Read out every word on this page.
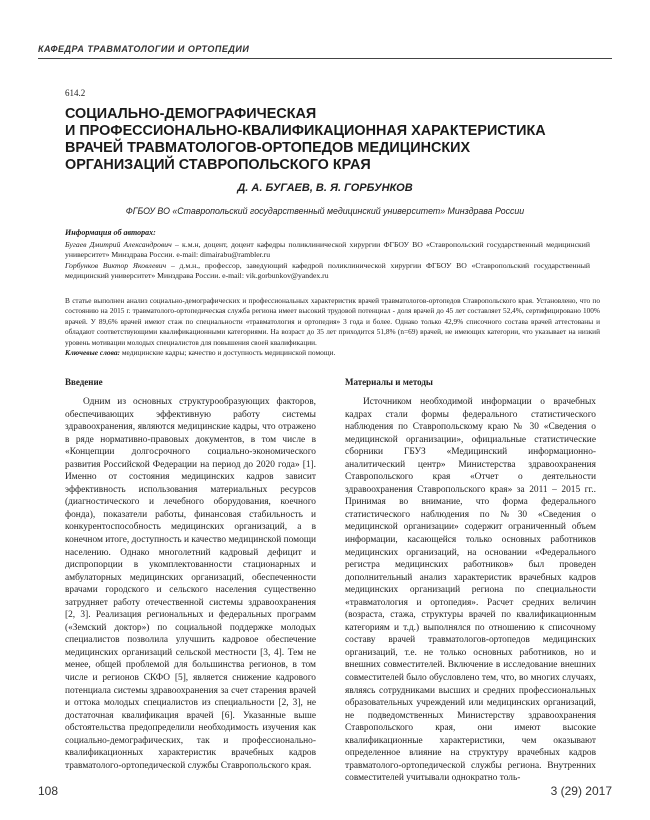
КАФЕДРА ТРАВМАТОЛОГИИ И ОРТОПЕДИИ
614.2
СОЦИАЛЬНО-ДЕМОГРАФИЧЕСКАЯ
И ПРОФЕССИОНАЛЬНО-КВАЛИФИКАЦИОННАЯ ХАРАКТЕРИСТИКА
ВРАЧЕЙ ТРАВМАТОЛОГОВ-ОРТОПЕДОВ МЕДИЦИНСКИХ
ОРГАНИЗАЦИЙ СТАВРОПОЛЬСКОГО КРАЯ
Д. А. БУГАЕВ, В. Я. ГОРБУНКОВ
ФГБОУ ВО «Ставропольский государственный медицинский университет» Минздрава России
Информация об авторах:

Бугаев Дмитрий Александрович – к.м.н, доцент, доцент кафедры поликлинической хирургии ФГБОУ ВО «Ставропольский государственный медицинский университет» Минздрава России. e-mail: dimairabu@rambler.ru

Горбунков Виктор Яковлевич – д.м.н., профессор, заведующий кафедрой поликлинической хирургии ФГБОУ ВО «Ставропольский государственный медицинский университет» Минздрава России. e-mail: vik.gorbunkov@yandex.ru

В статье выполнен анализ социально-демографических и профессиональных характеристик врачей травматологов-ортопедов Ставропольского края. Установлено, что по состоянию на 2015 г. травматолого-ортопедическая служба региона имеет высокий трудовой потенциал - доля врачей до 45 лет составляет 52,4%, сертифицировано 100% врачей. У 89,6% врачей имеют стаж по специальности «травматология и ортопедия» 3 года и более. Однако только 42,9% списочного состава врачей аттестованы и обладают соответствующими квалификационными категориями. На возраст до 35 лет приходится 51,8% (n=69) врачей, не имеющих категории, что указывает на низкий уровень мотивации молодых специалистов для повышения своей квалификации.

Ключевые слова: медицинские кадры; качество и доступность медицинской помощи.

Введение

Одним из основных структурообразующих факторов, обеспечивающих эффективную работу системы здравоохранения, являются медицинские кадры, что отражено в ряде нормативно-правовых документов, в том числе в «Концепции долгосрочного социально-экономического развития Российской Федерации на период до 2020 года» [1]. Именно от состояния медицинских кадров зависит эффективность использования материальных ресурсов (диагностического и лечебного оборудования, коечного фонда), показатели работы, финансовая стабильность и конкурентоспособность медицинских организаций, а в конечном итоге, доступность и качество медицинской помощи населению. Однако многолетний кадровый дефицит и диспропорции в укомплектованности стационарных и амбулаторных медицинских организаций, обеспеченности врачами городского и сельского населения существенно затрудняет работу отечественной системы здравоохранения [2, 3]. Реализация региональных и федеральных программ («Земский доктор») по социальной поддержке молодых специалистов позволила улучшить кадровое обеспечение медицинских организаций сельской местности [3, 4]. Тем не менее, общей проблемой для большинства регионов, в том числе и регионов СКФО [5], является снижение кадрового потенциала системы здравоохранения за счет старения врачей и оттока молодых специалистов из специальности [2, 3], не достаточная квалификация врачей [6]. Указанные выше обстоятельства предопределили необходимость изучения как социально-демографических, так и профессионально-квалификационных характеристик врачебных кадров травматолого-ортопедической службы Ставропольского края.

Материалы и методы

Источником необходимой информации о врачебных кадрах стали формы федерального статистического наблюдения по Ставропольскому краю № 30 «Сведения о медицинской организации», официальные статистические сборники ГБУЗ «Медицинский информационно-аналитический центр» Министерства здравоохранения Ставропольского края «Отчет о деятельности здравоохранения Ставропольского края» за 2011 – 2015 гг.. Принимая во внимание, что форма федерального статистического наблюдения по №30 «Сведения о медицинской организации» содержит ограниченный объем информации, касающейся только основных работников медицинских организаций, на основании «Федерального регистра медицинских работников» был проведен дополнительный анализ характеристик врачебных кадров медицинских организаций региона по специальности «травматология и ортопедия». Расчет средних величин (возраста, стажа, структуры врачей по квалификационным категориям и т.д.) выполнялся по отношению к списочному составу врачей травматологов-ортопедов медицинских организаций, т.е. не только основных работников, но и внешних совместителей. Включение в исследование внешних совместителей было обусловлено тем, что, во многих случаях, являясь сотрудниками высших и средних профессиональных образовательных учреждений или медицинских организаций, не подведомственных Министерству здравоохранения Ставропольского края, они имеют высокие квалификационные характеристики, чем оказывают определенное влияние на структуру врачебных кадров травматолого-ортопедической службы региона. Внутренних совместителей учитывали однократно толь-

108	3 (29) 2017
